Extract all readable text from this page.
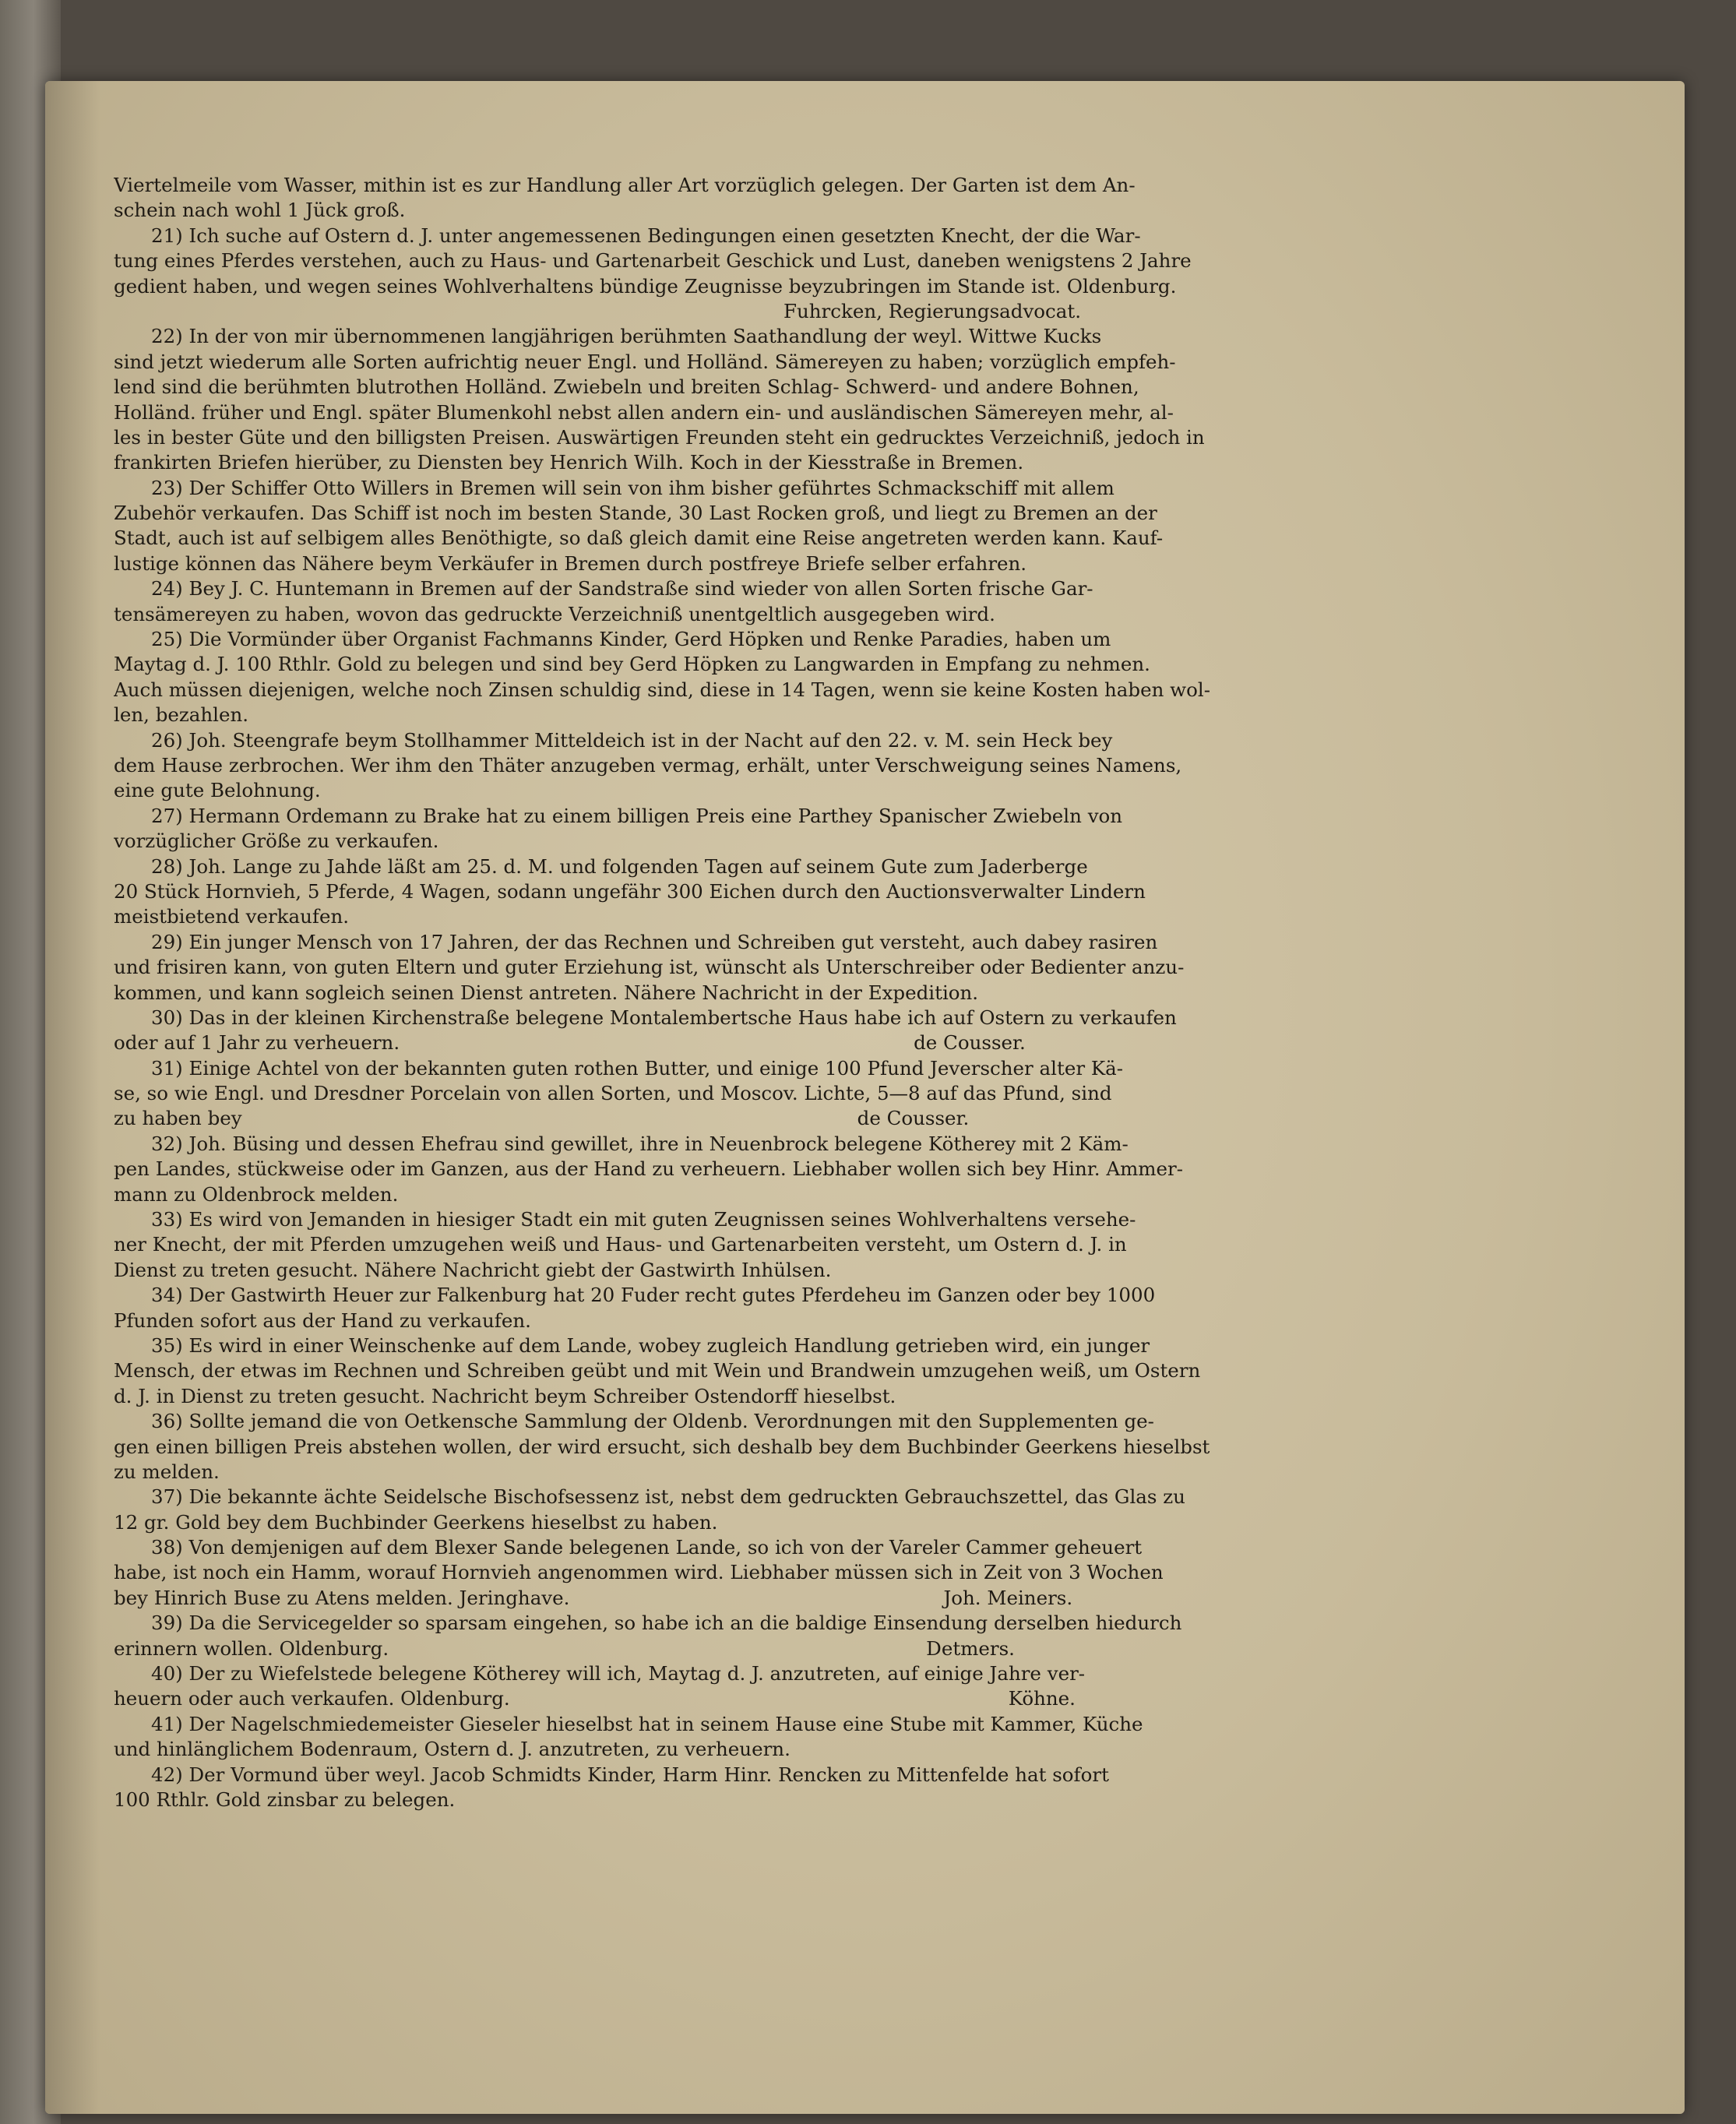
Viertelmeile vom Wasser, mithin ist es zur Handlung aller Art vorzüglich gelegen. Der Garten ist dem An-
schein nach wohl 1 Jück groß.
21) Ich suche auf Ostern d. J. unter angemessenen Bedingungen einen gesetzten Knecht, der die War-
tung eines Pferdes verstehen, auch zu Haus- und Gartenarbeit Geschick und Lust, daneben wenigstens 2 Jahre
gedient haben, und wegen seines Wohlverhaltens bündige Zeugnisse beyzubringen im Stande ist. Oldenburg.
Fuhrcken, Regierungsadvocat.
22) In der von mir übernommenen langjährigen berühmten Saathandlung der weyl. Wittwe Kucks
sind jetzt wiederum alle Sorten aufrichtig neuer Engl. und Holländ. Sämereyen zu haben; vorzüglich empfeh-
lend sind die berühmten blutrothen Holländ. Zwiebeln und breiten Schlag- Schwerd- und andere Bohnen,
Holländ. früher und Engl. später Blumenkohl nebst allen andern ein- und ausländischen Sämereyen mehr, al-
les in bester Güte und den billigsten Preisen. Auswärtigen Freunden steht ein gedrucktes Verzeichniß, jedoch in
frankirten Briefen hierüber, zu Diensten bey Henrich Wilh. Koch in der Kiesstraße in Bremen.
23) Der Schiffer Otto Willers in Bremen will sein von ihm bisher geführtes Schmackschiff mit allem
Zubehör verkaufen. Das Schiff ist noch im besten Stande, 30 Last Rocken groß, und liegt zu Bremen an der
Stadt, auch ist auf selbigem alles Benöthigte, so daß gleich damit eine Reise angetreten werden kann. Kauf-
lustige können das Nähere beym Verkäufer in Bremen durch postfreye Briefe selber erfahren.
24) Bey J. C. Huntemann in Bremen auf der Sandstraße sind wieder von allen Sorten frische Gar-
tensämereyen zu haben, wovon das gedruckte Verzeichniß unentgeltlich ausgegeben wird.
25) Die Vormünder über Organist Fachmanns Kinder, Gerd Höpken und Renke Paradies, haben um
Maytag d. J. 100 Rthlr. Gold zu belegen und sind bey Gerd Höpken zu Langwarden in Empfang zu nehmen.
Auch müssen diejenigen, welche noch Zinsen schuldig sind, diese in 14 Tagen, wenn sie keine Kosten haben wol-
len, bezahlen.
26) Joh. Steengrafe beym Stollhammer Mitteldeich ist in der Nacht auf den 22. v. M. sein Heck bey
dem Hause zerbrochen. Wer ihm den Thäter anzugeben vermag, erhält, unter Verschweigung seines Namens,
eine gute Belohnung.
27) Hermann Ordemann zu Brake hat zu einem billigen Preis eine Parthey Spanischer Zwiebeln von
vorzüglicher Größe zu verkaufen.
28) Joh. Lange zu Jahde läßt am 25. d. M. und folgenden Tagen auf seinem Gute zum Jaderberge
20 Stück Hornvieh, 5 Pferde, 4 Wagen, sodann ungefähr 300 Eichen durch den Auctionsverwalter Lindern
meistbietend verkaufen.
29) Ein junger Mensch von 17 Jahren, der das Rechnen und Schreiben gut versteht, auch dabey rasiren
und frisiren kann, von guten Eltern und guter Erziehung ist, wünscht als Unterschreiber oder Bedienter anzu-
kommen, und kann sogleich seinen Dienst antreten. Nähere Nachricht in der Expedition.
30) Das in der kleinen Kirchenstraße belegene Montalembertsche Haus habe ich auf Ostern zu verkaufen
oder auf 1 Jahr zu verheuern.	de Cousser.
31) Einige Achtel von der bekannten guten rothen Butter, und einige 100 Pfund Jeverscher alter Kä-
se, so wie Engl. und Dresdner Porcelain von allen Sorten, und Moscov. Lichte, 5—8 auf das Pfund, sind
zu haben bey	de Cousser.
32) Joh. Büsing und dessen Ehefrau sind gewillet, ihre in Neuenbrock belegene Kötherey mit 2 Käm-
pen Landes, stückweise oder im Ganzen, aus der Hand zu verheuern. Liebhaber wollen sich bey Hinr. Ammer-
mann zu Oldenbrock melden.
33) Es wird von Jemanden in hiesiger Stadt ein mit guten Zeugnissen seines Wohlverhaltens versehe-
ner Knecht, der mit Pferden umzugehen weiß und Haus- und Gartenarbeiten versteht, um Ostern d. J. in
Dienst zu treten gesucht. Nähere Nachricht giebt der Gastwirth Inhülsen.
34) Der Gastwirth Heuer zur Falkenburg hat 20 Fuder recht gutes Pferdeheu im Ganzen oder bey 1000
Pfunden sofort aus der Hand zu verkaufen.
35) Es wird in einer Weinschenke auf dem Lande, wobey zugleich Handlung getrieben wird, ein junger
Mensch, der etwas im Rechnen und Schreiben geübt und mit Wein und Brandwein umzugehen weiß, um Ostern
d. J. in Dienst zu treten gesucht. Nachricht beym Schreiber Ostendorff hieselbst.
36) Sollte jemand die von Oetkensche Sammlung der Oldenb. Verordnungen mit den Supplementen ge-
gen einen billigen Preis abstehen wollen, der wird ersucht, sich deshalb bey dem Buchbinder Geerkens hieselbst
zu melden.
37) Die bekannte ächte Seidelsche Bischofsessenz ist, nebst dem gedruckten Gebrauchszettel, das Glas zu
12 gr. Gold bey dem Buchbinder Geerkens hieselbst zu haben.
38) Von demjenigen auf dem Blexer Sande belegenen Lande, so ich von der Vareler Cammer geheuert
habe, ist noch ein Hamm, worauf Hornvieh angenommen wird. Liebhaber müssen sich in Zeit von 3 Wochen
bey Hinrich Buse zu Atens melden. Jeringhave.	Joh. Meiners.
39) Da die Servicegelder so sparsam eingehen, so habe ich an die baldige Einsendung derselben hiedurch
erinnern wollen. Oldenburg.	Detmers.
40) Der zu Wiefelstede belegene Kötherey will ich, Maytag d. J. anzutreten, auf einige Jahre ver-
heuern oder auch verkaufen. Oldenburg.	Köhne.
41) Der Nagelschmiedemeister Gieseler hieselbst hat in seinem Hause eine Stube mit Kammer, Küche
und hinlänglichem Bodenraum, Ostern d. J. anzutreten, zu verheuern.
42) Der Vormund über weyl. Jacob Schmidts Kinder, Harm Hinr. Rencken zu Mittenfelde hat sofort
100 Rthlr. Gold zinsbar zu belegen.
